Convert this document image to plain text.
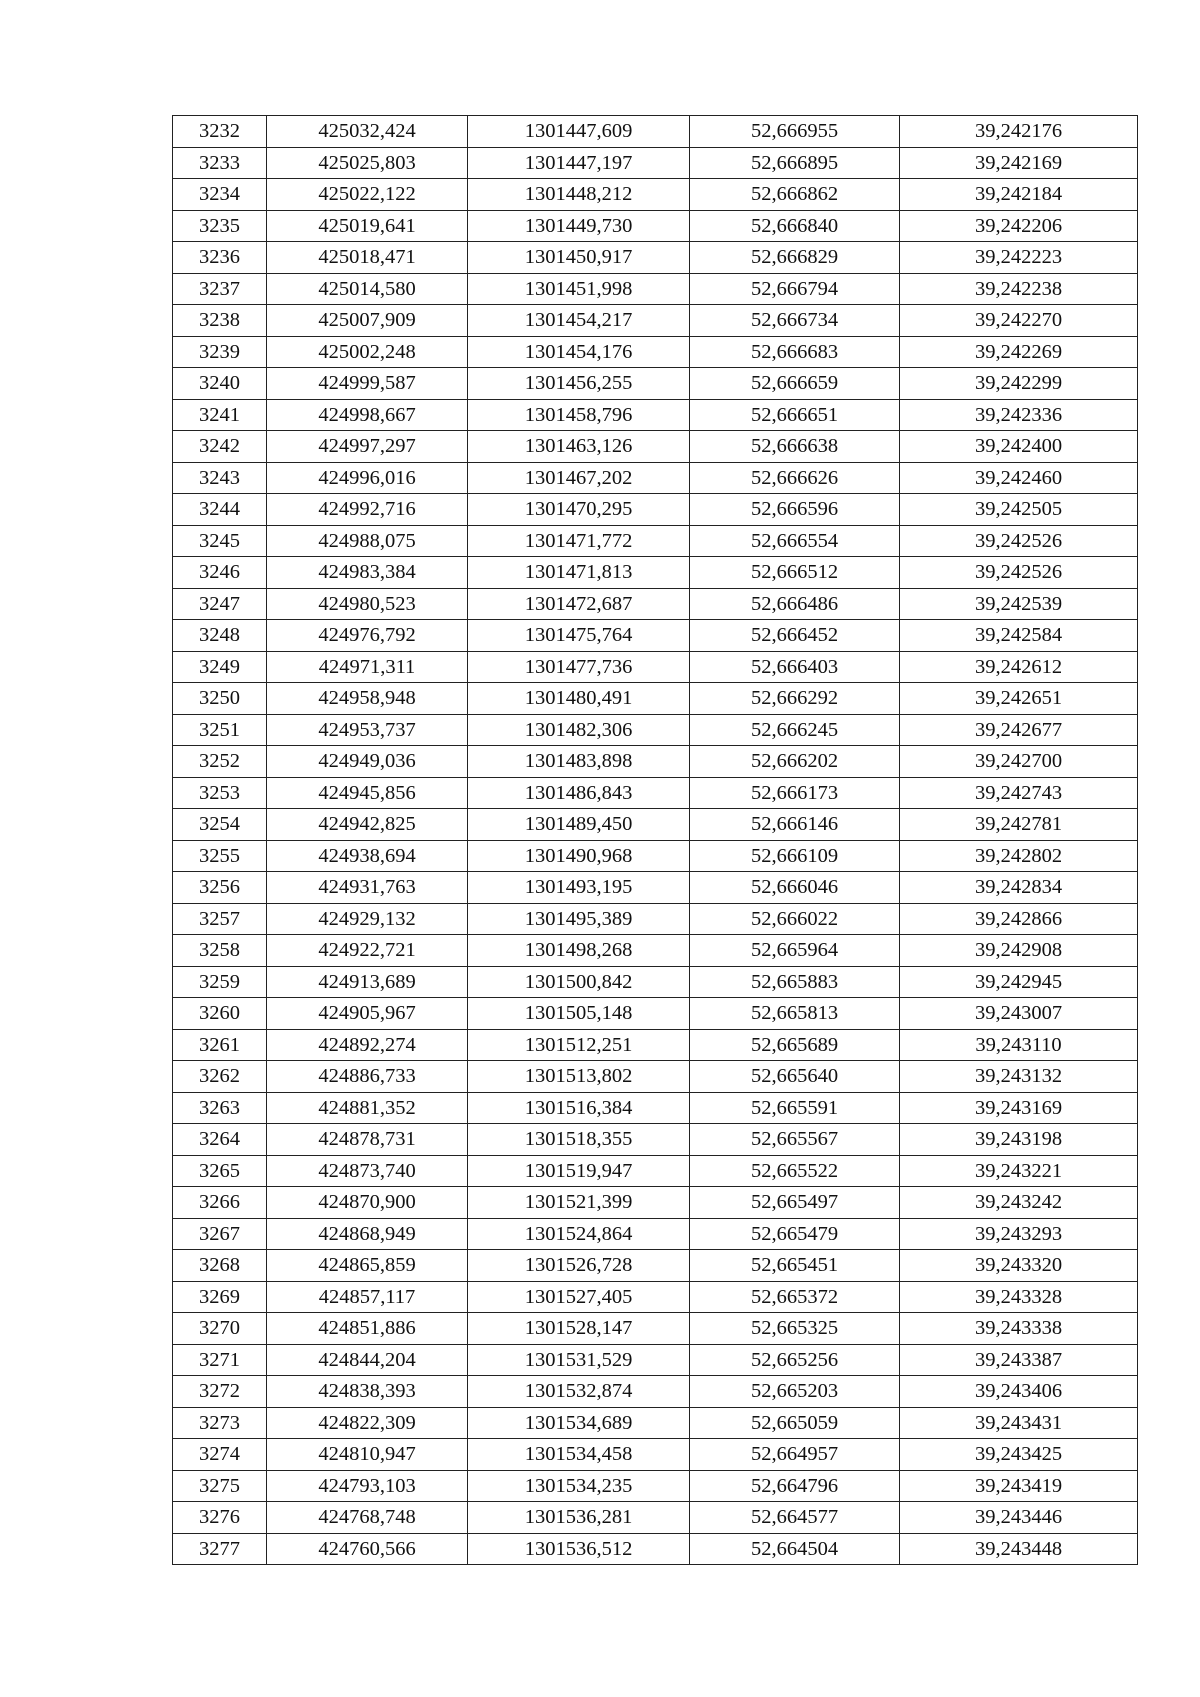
3232	425032,424	1301447,609	52,666955	39,242176
3233	425025,803	1301447,197	52,666895	39,242169
3234	425022,122	1301448,212	52,666862	39,242184
3235	425019,641	1301449,730	52,666840	39,242206
3236	425018,471	1301450,917	52,666829	39,242223
3237	425014,580	1301451,998	52,666794	39,242238
3238	425007,909	1301454,217	52,666734	39,242270
3239	425002,248	1301454,176	52,666683	39,242269
3240	424999,587	1301456,255	52,666659	39,242299
3241	424998,667	1301458,796	52,666651	39,242336
3242	424997,297	1301463,126	52,666638	39,242400
3243	424996,016	1301467,202	52,666626	39,242460
3244	424992,716	1301470,295	52,666596	39,242505
3245	424988,075	1301471,772	52,666554	39,242526
3246	424983,384	1301471,813	52,666512	39,242526
3247	424980,523	1301472,687	52,666486	39,242539
3248	424976,792	1301475,764	52,666452	39,242584
3249	424971,311	1301477,736	52,666403	39,242612
3250	424958,948	1301480,491	52,666292	39,242651
3251	424953,737	1301482,306	52,666245	39,242677
3252	424949,036	1301483,898	52,666202	39,242700
3253	424945,856	1301486,843	52,666173	39,242743
3254	424942,825	1301489,450	52,666146	39,242781
3255	424938,694	1301490,968	52,666109	39,242802
3256	424931,763	1301493,195	52,666046	39,242834
3257	424929,132	1301495,389	52,666022	39,242866
3258	424922,721	1301498,268	52,665964	39,242908
3259	424913,689	1301500,842	52,665883	39,242945
3260	424905,967	1301505,148	52,665813	39,243007
3261	424892,274	1301512,251	52,665689	39,243110
3262	424886,733	1301513,802	52,665640	39,243132
3263	424881,352	1301516,384	52,665591	39,243169
3264	424878,731	1301518,355	52,665567	39,243198
3265	424873,740	1301519,947	52,665522	39,243221
3266	424870,900	1301521,399	52,665497	39,243242
3267	424868,949	1301524,864	52,665479	39,243293
3268	424865,859	1301526,728	52,665451	39,243320
3269	424857,117	1301527,405	52,665372	39,243328
3270	424851,886	1301528,147	52,665325	39,243338
3271	424844,204	1301531,529	52,665256	39,243387
3272	424838,393	1301532,874	52,665203	39,243406
3273	424822,309	1301534,689	52,665059	39,243431
3274	424810,947	1301534,458	52,664957	39,243425
3275	424793,103	1301534,235	52,664796	39,243419
3276	424768,748	1301536,281	52,664577	39,243446
3277	424760,566	1301536,512	52,664504	39,243448
